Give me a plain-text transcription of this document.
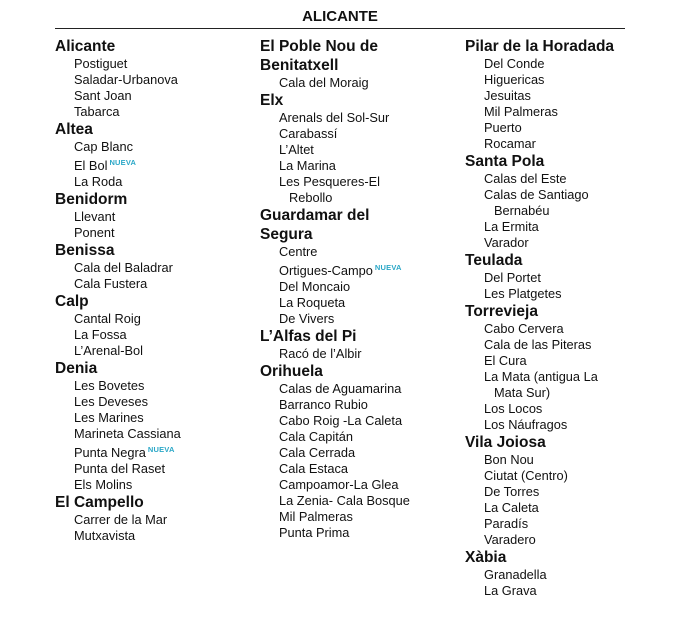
ALICANTE
Alicante
Postiguet
Saladar-Urbanova
Sant Joan
Tabarca
Altea
Cap Blanc
El Bol $^{NUEVA}$
La Roda
Benidorm
Llevant
Ponent
Benissa
Cala del Baladrar
Cala Fustera
Calp
Cantal Roig
La Fossa
L’Arenal-Bol
Denia
Les Bovetes
Les Deveses
Les Marines
Marineta Cassiana
Punta Negra $^{NUEVA}$
Punta del Raset
Els Molins
El Campello
Carrer de la Mar
Mutxavista
El Poble Nou de
Benitatxell
Cala del Moraig
Elx
Arenals del Sol-Sur
Carabassí
L’Altet
La Marina
Les Pesqueres-El
Rebollo
Guardamar del
Segura
Centre
Ortigues-Campo $^{NUEVA}$
Del Moncaio
La Roqueta
De Vivers
L’Alfas del Pi
Racó de l’Albir
Orihuela
Calas de Aguamarina
Barranco Rubio
Cabo Roig -La Caleta
Cala Capitán
Cala Cerrada
Cala Estaca
Campoamor-La Glea
La Zenia- Cala Bosque
Mil Palmeras
Punta Prima
Pilar de la Horadada
Del Conde
Higuericas
Jesuitas
Mil Palmeras
Puerto
Rocamar
Santa Pola
Calas del Este
Calas de Santiago
Bernabéu
La Ermita
Varador
Teulada
Del Portet
Les Platgetes
Torrevieja
Cabo Cervera
Cala de las Piteras
El Cura
La Mata (antigua La
Mata Sur)
Los Locos
Los Náufragos
Vila Joiosa
Bon Nou
Ciutat (Centro)
De Torres
La Caleta
Paradís
Varadero
Xàbia
Granadella
La Grava
